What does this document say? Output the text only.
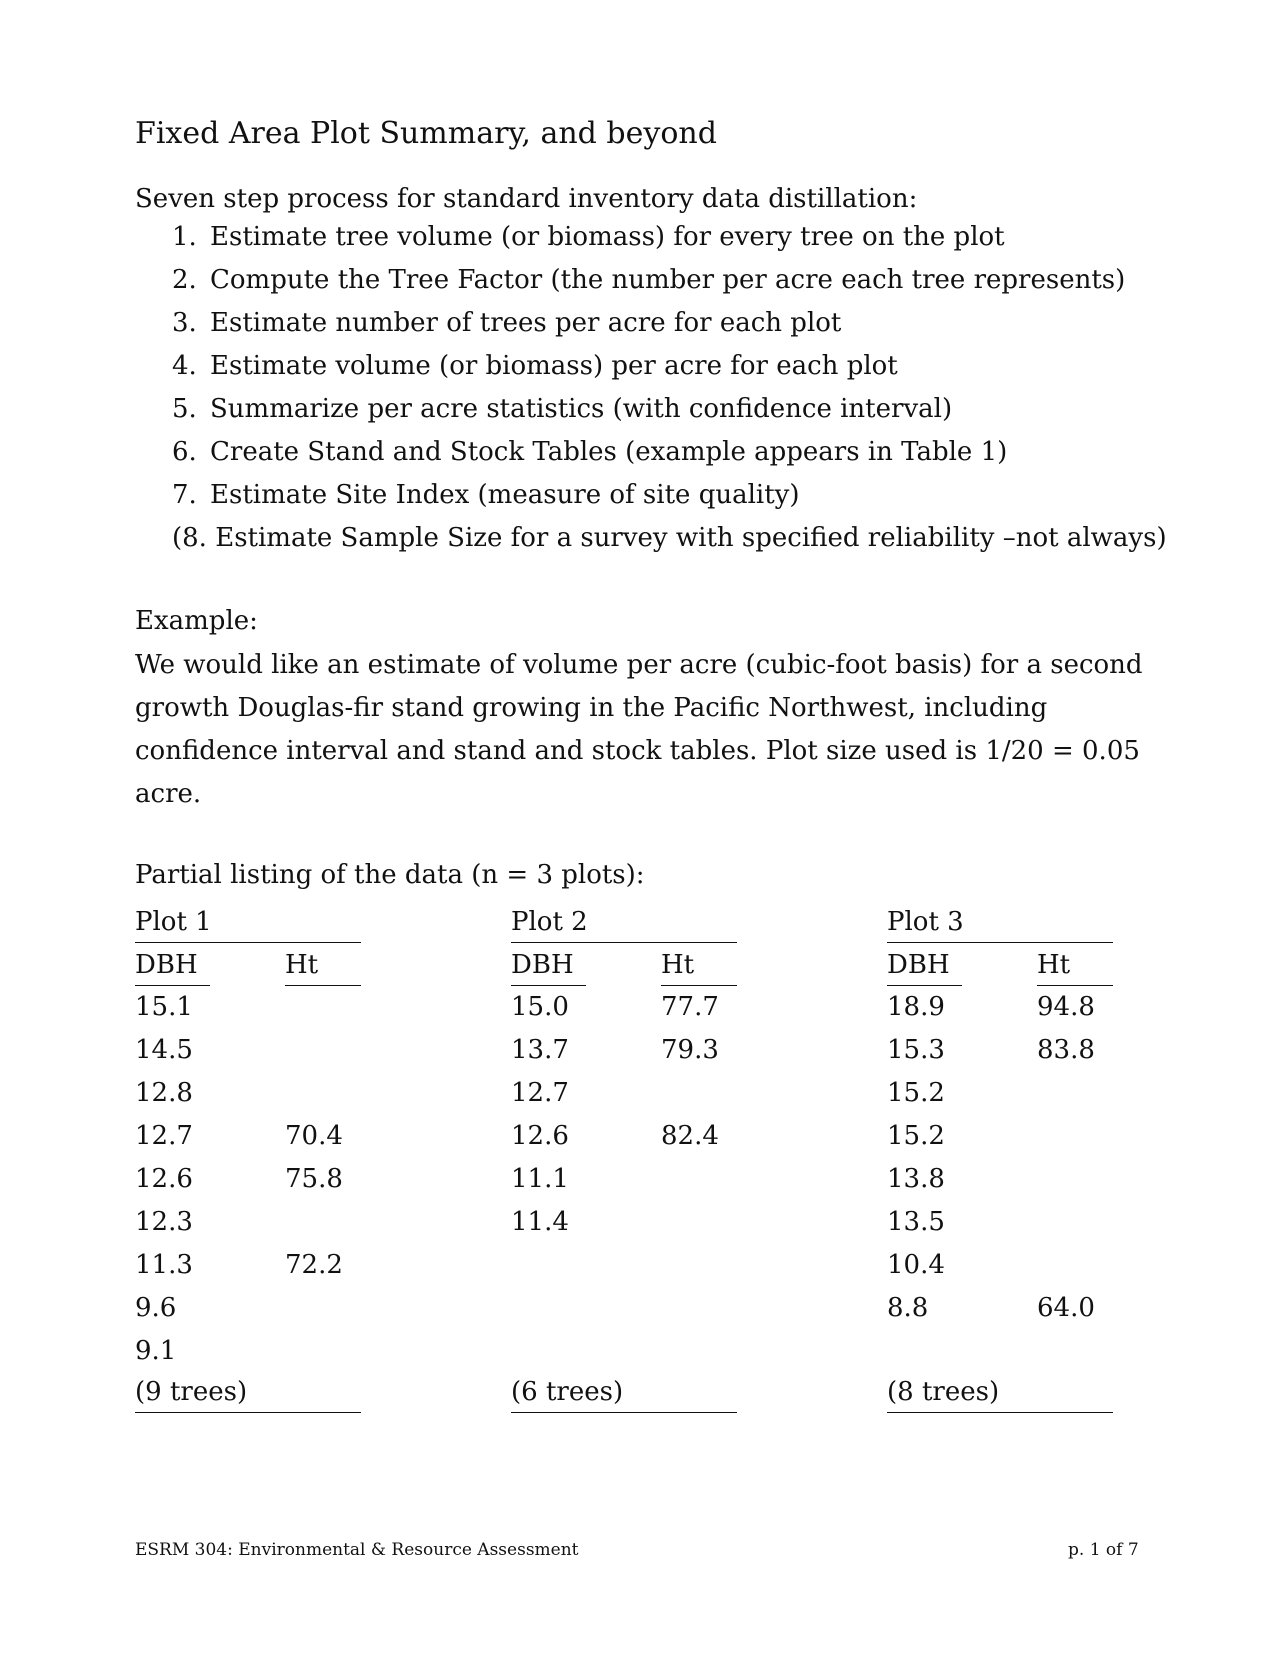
Fixed Area Plot Summary, and beyond

Seven step process for standard inventory data distillation:

1. Estimate tree volume (or biomass) for every tree on the plot
2. Compute the Tree Factor (the number per acre each tree represents)
3. Estimate number of trees per acre for each plot
4. Estimate volume (or biomass) per acre for each plot
5. Summarize per acre statistics (with confidence interval)
6. Create Stand and Stock Tables (example appears in Table 1)
7. Estimate Site Index (measure of site quality)
(8. Estimate Sample Size for a survey with specified reliability –not always)

Example:

We would like an estimate of volume per acre (cubic-foot basis) for a second
growth Douglas-fir stand growing in the Pacific Northwest, including
confidence interval and stand and stock tables. Plot size used is 1/20 = 0.05
acre.

Partial listing of the data (n = 3 plots):

Plot 1
DBH
15.1
14.5
12.8
12.7
12.6
12.3
11.3
9.6
9.1
Ht
70.4
75.8
72.2
(9 trees)
Plot 2
DBH
15.0
13.7
12.7
12.6
11.1
11.4
Ht
77.7
79.3
82.4
(6 trees)
Plot 3
DBH
18.9
15.3
15.2
15.2
13.8
13.5
10.4
8.8
Ht
94.8
83.8
64.0
(8 trees)
ESRM 304: Environmental & Resource Assessment	p. 1 of 7
